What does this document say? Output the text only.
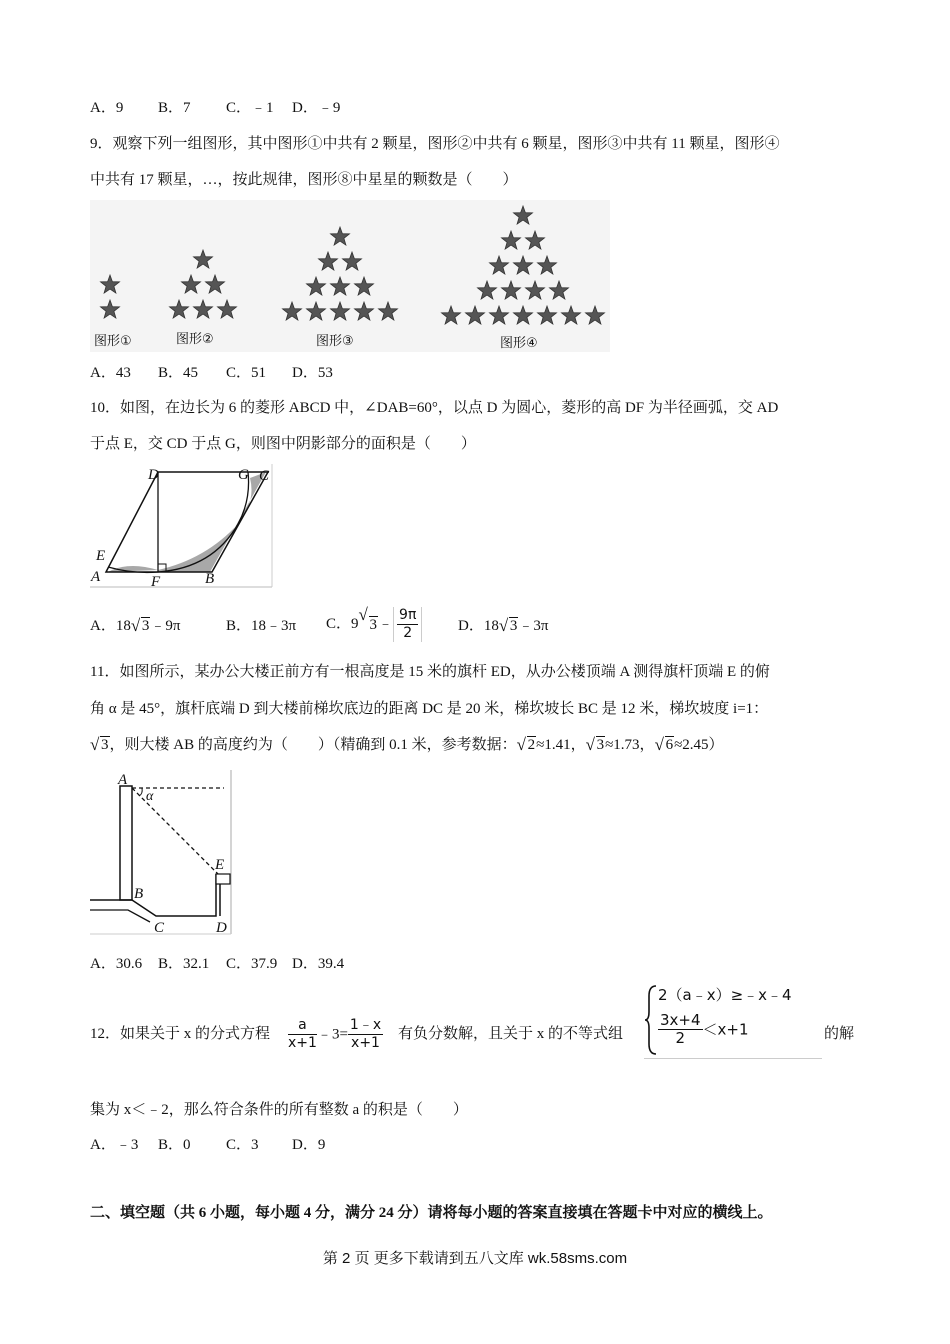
A．9 B．7 C．﹣1 D．﹣9
9．观察下列一组图形，其中图形①中共有 2 颗星，图形②中共有 6 颗星，图形③中共有 11 颗星，图形④
中共有 17 颗星，…，按此规律，图形⑧中星星的颗数是（　　）
图形①	图形②	图形③	图形④
A．43 B．45 C．51 D．53
10．如图，在边长为 6 的菱形 ABCD 中，∠DAB=60°，以点 D 为圆心，菱形的高 DF 为半径画弧，交 AD
于点 E，交 CD 于点 G，则图中阴影部分的面积是（　　）
D	G C
E
A	F	B
A．18 √ 3﹣9π	B．18﹣3π C．9
√
3﹣ $\frac{9\pi}{2}$ D．18 √ 3﹣3π
11．如图所示，某办公大楼正前方有一根高度是 15 米的旗杆 ED，从办公楼顶端 A 测得旗杆顶端 E 的俯
角 α 是 45°，旗杆底端 D 到大楼前梯坎底边的距离 DC 是 20 米，梯坎坡长 BC 是 12 米，梯坎坡度 i=1：
√ 3，则大楼 AB 的高度约为（　　）（精确到 0.1 米，参考数据： √ 2≈1.41， √ 3≈1.73， √ 6≈2.45）
A
α
E
B
C	D
A．30.6 B．32.1 C．37.9 D．39.4
12．如果关于 x 的分式方程 $\frac{a}{x+1}$ ﹣3= $\frac{1﹣x}{x+1}$ 有负分数解，且关于 x 的不等式组
2（a﹣x）≥﹣x﹣4
$\frac{3x+4}{2} <x+1$	的解
集为 x＜﹣2，那么符合条件的所有整数 a 的积是（　　）
A．﹣3 B．0 C．3 D．9
二、填空题（共 6 小题，每小题 4 分，满分 24 分）请将每小题的答案直接填在答题卡中对应的横线上。
第 2 页 更多下载请到五八文库 wk.58sms.com
